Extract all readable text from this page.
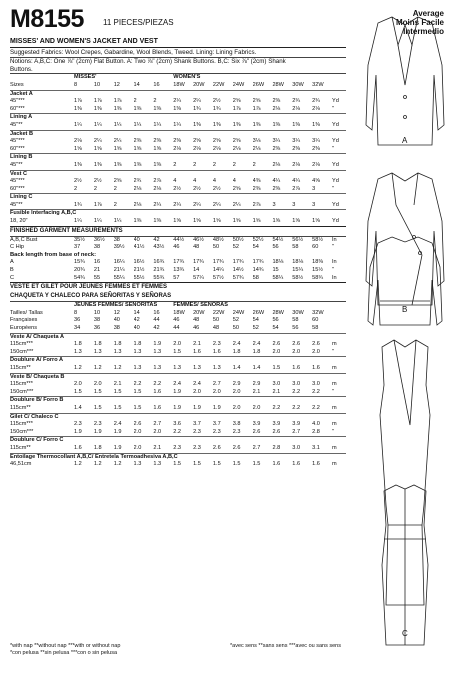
M8155 11 PIECES/PIEZAS
Average
Moins Facile
Intermedio
MISSES' AND WOMEN'S JACKET AND VEST
Suggested Fabrics: Wool Crepes, Gabardine, Wool Blends, Tweed. Lining: Lining Fabrics.
Notions: A,B,C: One ⅞" (2cm) Flat Button. A: Two ⅞" (2cm) Shank Buttons. B,C: Six ⅞" (2cm) Shank
Buttons.
	MISSES'					WOMEN'S								
Sizes	8	10	12	14	16	18W	20W	22W	24W	26W	28W	30W	32W	
Jacket A														
45"***	1⅞	1⅞	1⅞	2	2	2¼	2¼	2½	2⅝	2⅝	2⅜	2¾	2¾	Yd
60"***	1⅜	1⅜	1⅜	1⅜	1⅜	1⅜	1¾	1¾	1⅞	1⅞	2⅛	2⅛	2⅛	"
Lining A														
45"**	1¼	1¼	1¼	1¼	1¼	1¼	1⅜	1⅜	1⅜	1⅜	1⅜	1⅜	1⅜	Yd
Jacket B														
45"***	2⅛	2¼	2¼	2⅜	2⅜	2⅜	2⅝	2⅝	2⅝	3⅛	3¼	3¼	3¼	Yd
60"***	1⅝	1⅝	1⅝	1⅝	1⅝	2⅛	2⅛	2⅛	2⅛	2⅛	2⅜	2⅜	2⅜	"
Lining B														
45"**	1⅜	1⅜	1⅜	1⅜	1⅜	2	2	2	2	2	2⅛	2⅛	2⅛	Yd
Vest C														
45"***	2½	2½	2⅝	2¾	2⅞	4	4	4	4	4⅜	4¼	4¼	4⅝	Yd
60"***	2	2	2	2⅛	2⅛	2½	2½	2½	2⅝	2⅜	2⅜	2⅞	3	"
Lining C														
45"**	1¾	1⅞	2	2⅛	2¼	2¼	2¼	2¼	2¼	2⅞	3	3	3	Yd
Fusible Interfacing A,B,C														
18, 20"	1¼	1¼	1¼	1⅜	1⅜	1⅝	1⅝	1⅝	1⅝	1⅝	1⅝	1⅝	1⅝	Yd
FINISHED GARMENT MEASUREMENTS
A,B,C Bust	35½	36½	38	40	42	44½	46½	48½	50½	52½	54½	56½	58½	In
C Hip	37	38	39½	41½	43½	46	48	50	52	54	56	58	60	"
Back length from base of neck:
A	15¾	16	16¼	16½	16¾	17¾	17¾	17¾	17¾	17¾	18⅛	18⅛	18⅜	In
B	20¾	21	21¼	21½	21¾	13¾	14	14¼	14½	14¾	15	15¼	15½	"
C	54¾	55	55¼	55½	55¾	57	57¼	57½	57¾	58	58¼	58½	58¾	In
VESTE ET GILET POUR JEUNES FEMMES ET FEMMES
CHAQUETA Y CHALECO PARA SEÑORITAS Y SEÑORAS
	JEUNES FEMMES/ SEÑORITAS					FEMMES/ SEÑORAS								
Tailles/ Tallas	8	10	12	14	16	18W	20W	22W	24W	26W	28W	30W	32W	
Françaises	36	38	40	42	44	46	48	50	52	54	56	58	60	
Européens	34	36	38	40	42	44	46	48	50	52	54	56	58	
Veste A/ Chaqueta A														
115cm***	1.8	1.8	1.8	1.8	1.9	2.0	2.1	2.3	2.4	2.4	2.6	2.6	2.6	m
150cm***	1.3	1.3	1.3	1.3	1.3	1.5	1.6	1.6	1.8	1.8	2.0	2.0	2.0	"
Doublure A/ Forro A														
115cm**	1.2	1.2	1.2	1.3	1.3	1.3	1.3	1.3	1.4	1.4	1.5	1.6	1.6	m
Veste B/ Chaqueta B														
115cm***	2.0	2.0	2.1	2.2	2.2	2.4	2.4	2.7	2.9	2.9	3.0	3.0	3.0	m
150cm***	1.5	1.5	1.5	1.5	1.6	1.9	2.0	2.0	2.0	2.1	2.1	2.2	2.2	"
Doublure B/ Forro B														
115cm**	1.4	1.5	1.5	1.5	1.6	1.9	1.9	1.9	2.0	2.0	2.2	2.2	2.2	m
Gilet C/ Chaleco C														
115cm***	2.3	2.3	2.4	2.6	2.7	3.6	3.7	3.7	3.8	3.9	3.9	3.9	4.0	m
150cm***	1.9	1.9	1.9	2.0	2.0	2.2	2.3	2.3	2.3	2.6	2.6	2.7	2.8	"
Doublure C/ Forro C														
115cm**	1.6	1.8	1.9	2.0	2.1	2.3	2.3	2.6	2.6	2.7	2.8	3.0	3.1	m
Entoilage Thermocollant A,B,C/ Entretela Termoadhesiva A,B,C														
46,51cm	1.2	1.2	1.2	1.3	1.3	1.5	1.5	1.5	1.5	1.5	1.6	1.6	1.6	m
*with nap **without nap ***with or without nap
*con pelusa **sin pelusa ***con o sin pelusa
*avec sens **sans sens ***avec ou sans sens
A
B
C
